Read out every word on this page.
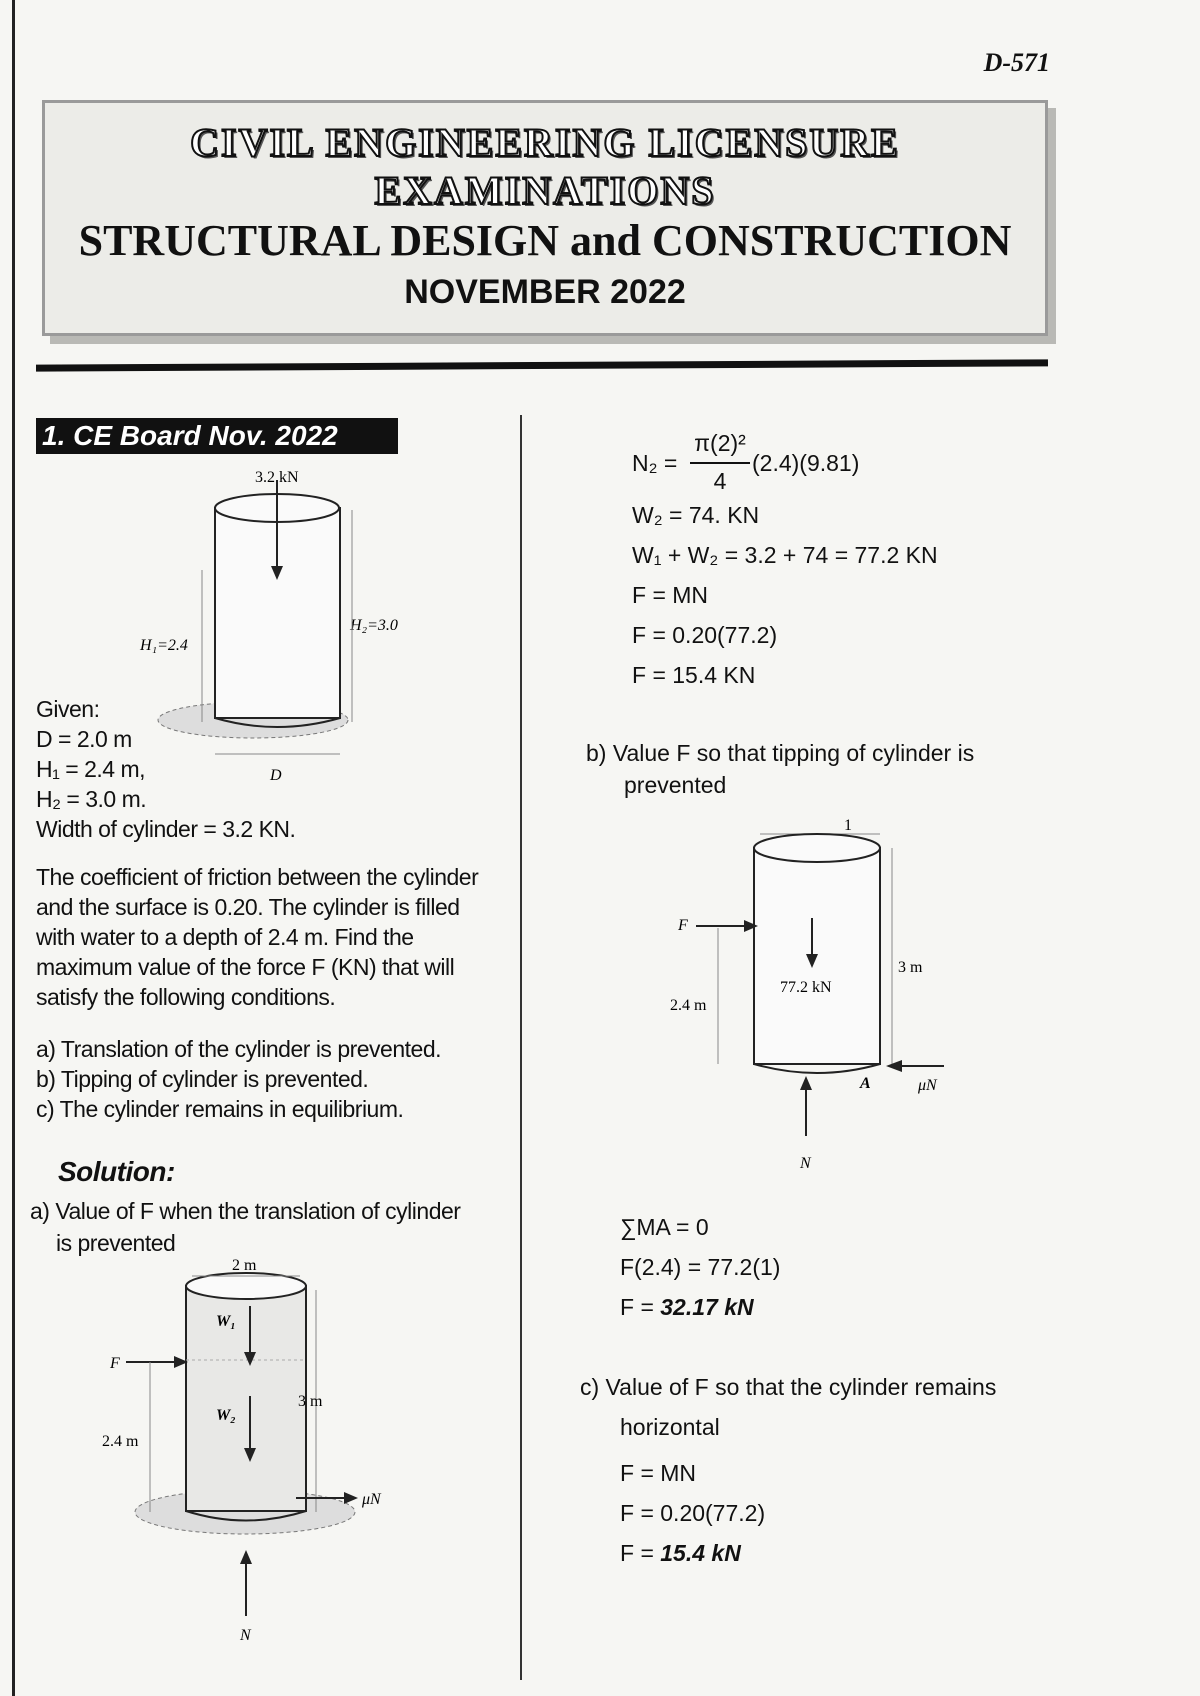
D-571
CIVIL ENGINEERING LICENSURE
EXAMINATIONS
STRUCTURAL DESIGN and CONSTRUCTION
NOVEMBER 2022
1. CE Board Nov. 2022
3.2 kN
H₁=2.4
H₂=3.0
D
Given:
D = 2.0 m
H₁ = 2.4 m,
H₂ = 3.0 m.
Width of cylinder = 3.2 KN.
The coefficient of friction between the cylinder
and the surface is 0.20. The cylinder is filled
with water to a depth of 2.4 m. Find the
maximum value of the force F (KN) that will
satisfy the following conditions.
a) Translation of the cylinder is prevented.
b) Tipping of cylinder is prevented.
c) The cylinder remains in equilibrium.
Solution:
a) Value of F when the translation of cylinder
is prevented
2 m
W₁
W₂
F
3 m
2.4 m
μN
N
N₂ =
π(2)²
4
(2.4)(9.81)
W₂ = 74. KN
W₁ + W₂ = 3.2 + 74 = 77.2 KN
F = MN
F = 0.20(77.2)
F = 15.4 KN
b) Value F so that tipping of cylinder is
prevented
1
F
77.2 kN
3 m
2.4 m
A	μN
N
∑MA = 0
F(2.4) = 77.2(1)
F = 32.17 kN
c) Value of F so that the cylinder remains
horizontal
F = MN
F = 0.20(77.2)
F = 15.4 kN
